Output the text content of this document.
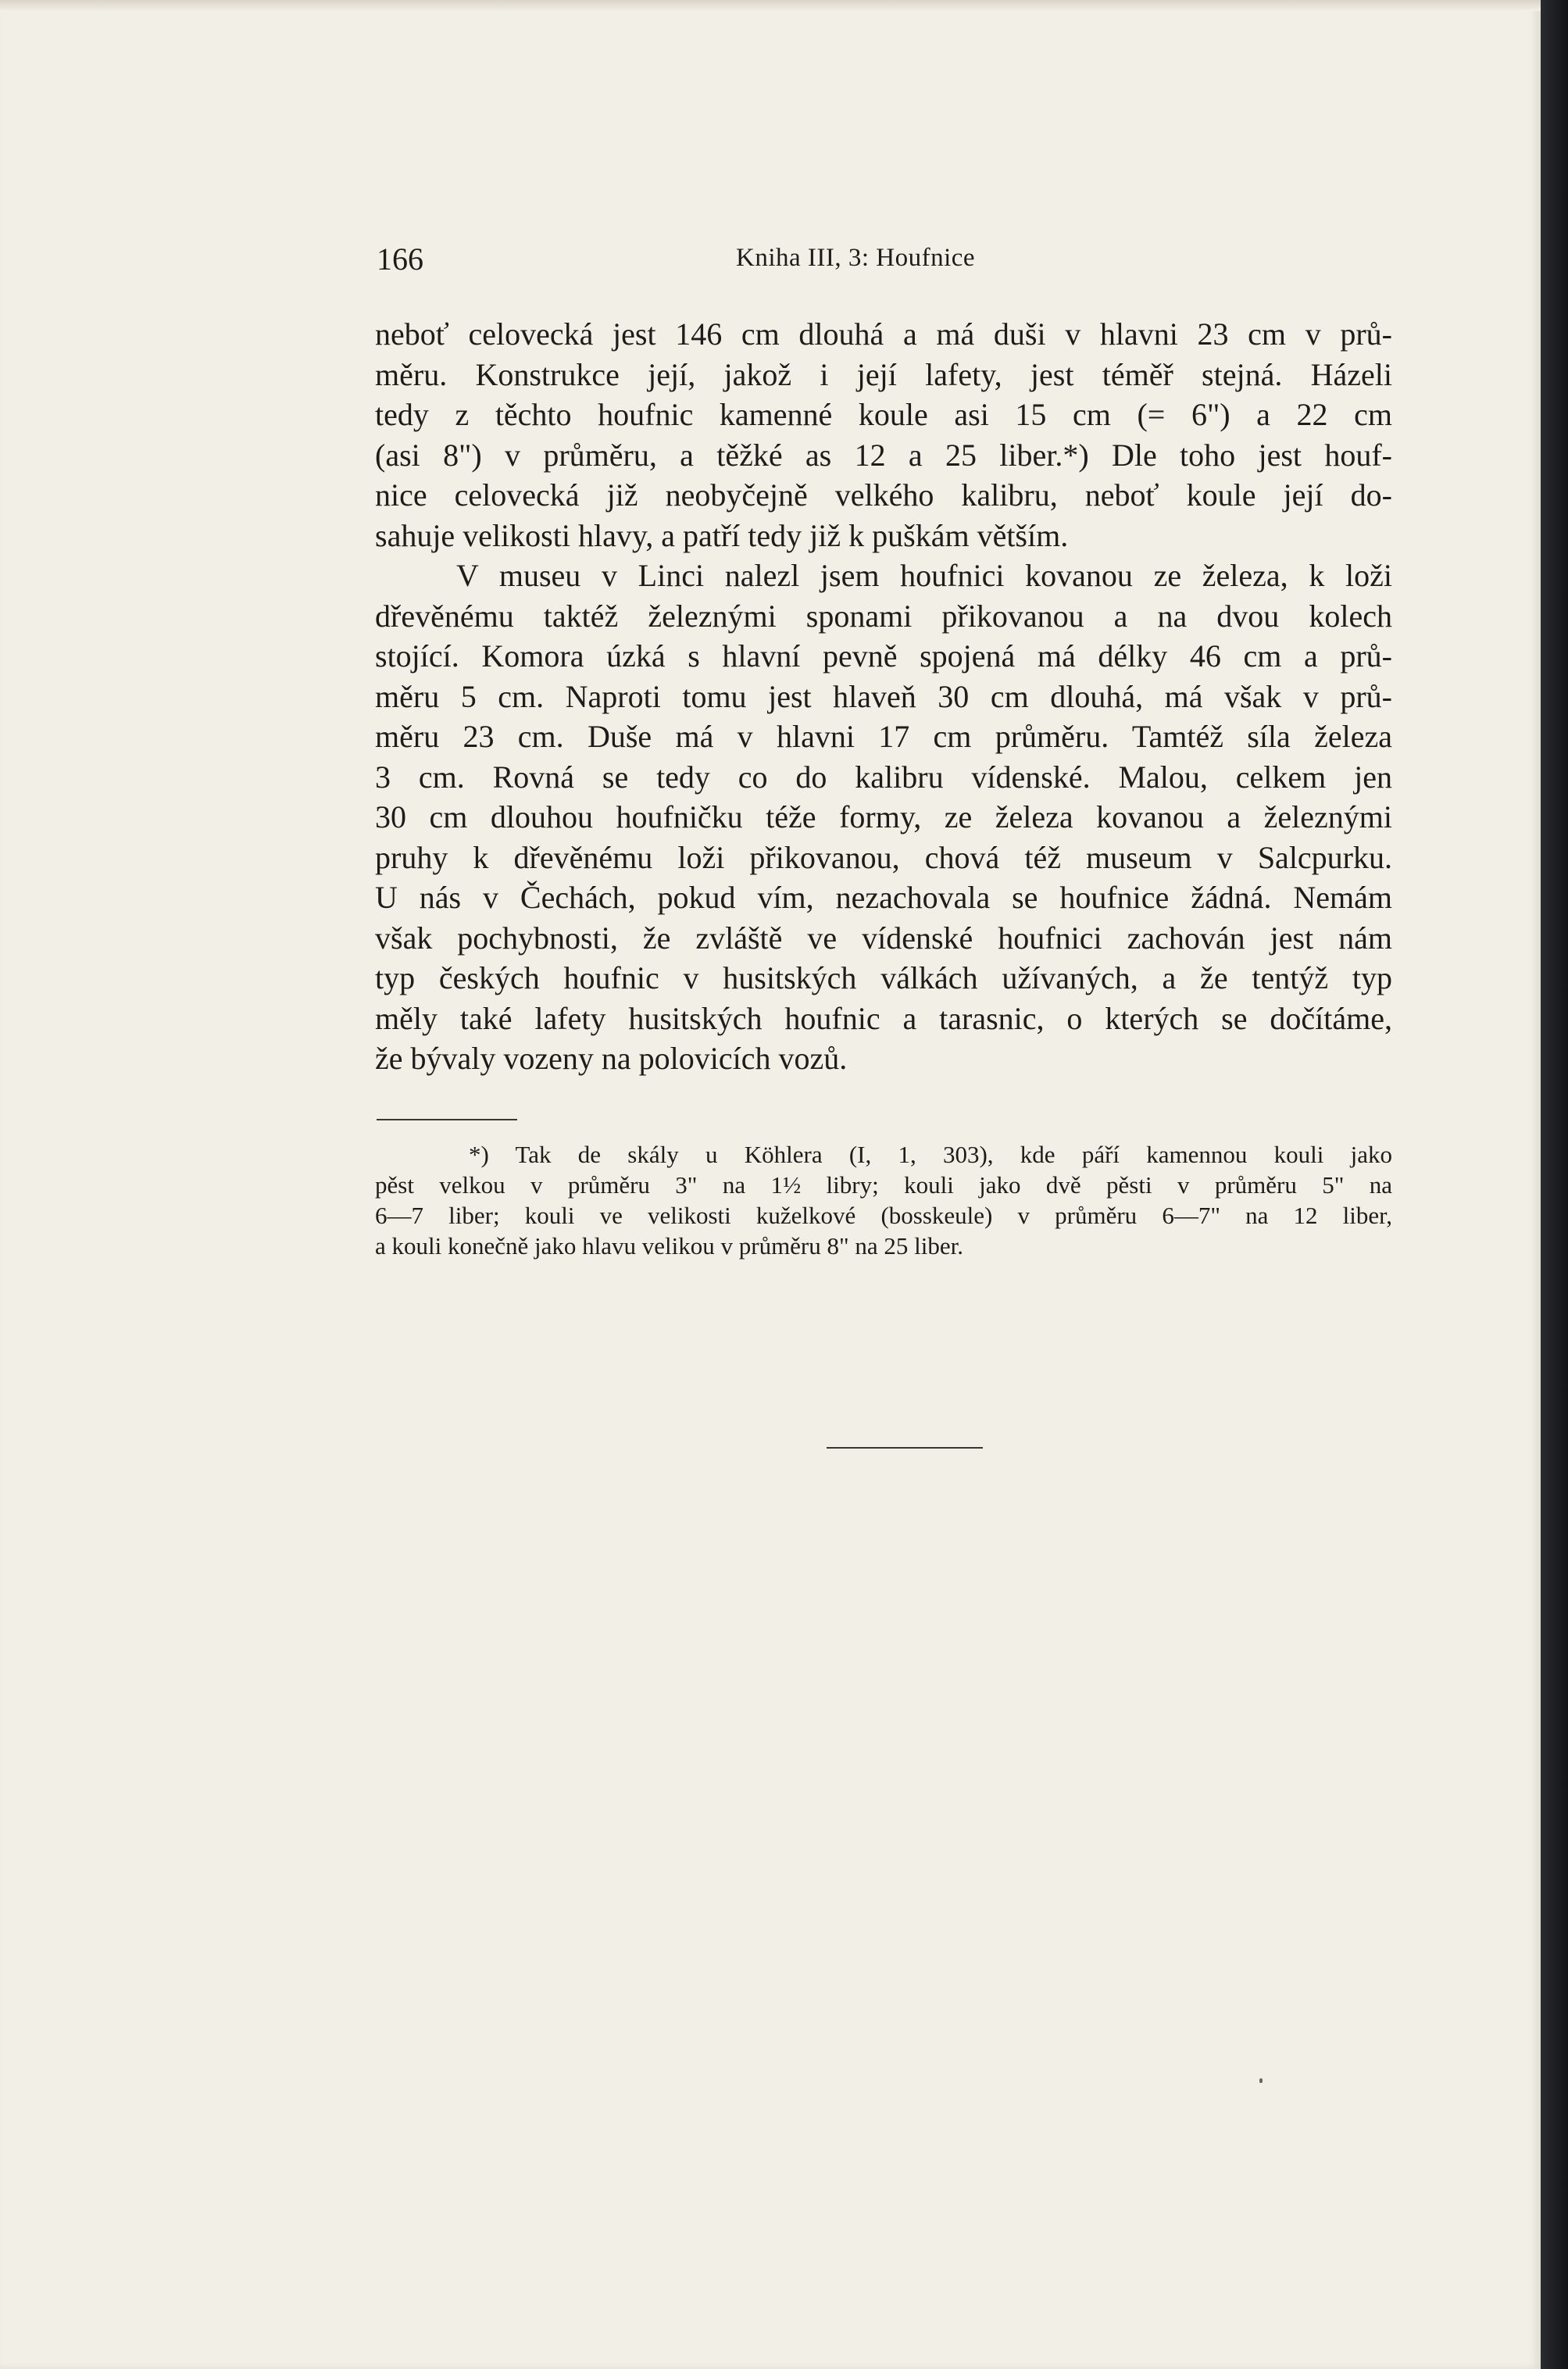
166	Kniha III, 3: Houfnice
neboť celovecká jest 146 cm dlouhá a má duši v hlavni 23 cm v prů-
měru. Konstrukce její, jakož i její lafety, jest téměř stejná. Házeli
tedy z těchto houfnic kamenné koule asi 15 cm (= 6") a 22 cm
(asi 8") v průměru, a těžké as 12 a 25 liber.*) Dle toho jest houf-
nice celovecká již neobyčejně velkého kalibru, neboť koule její do-
sahuje velikosti hlavy, a patří tedy již k puškám větším.
V museu v Linci nalezl jsem houfnici kovanou ze železa, k loži
dřevěnému taktéž železnými sponami přikovanou a na dvou kolech
stojící. Komora úzká s hlavní pevně spojená má délky 46 cm a prů-
měru 5 cm. Naproti tomu jest hlaveň 30 cm dlouhá, má však v prů-
měru 23 cm. Duše má v hlavni 17 cm průměru. Tamtéž síla železa
3 cm. Rovná se tedy co do kalibru vídenské. Malou, celkem jen
30 cm dlouhou houfničku téže formy, ze železa kovanou a železnými
pruhy k dřevěnému loži přikovanou, chová též museum v Salcpurku.
U nás v Čechách, pokud vím, nezachovala se houfnice žádná. Nemám
však pochybnosti, že zvláště ve vídenské houfnici zachován jest nám
typ českých houfnic v husitských válkách užívaných, a že tentýž typ
měly také lafety husitských houfnic a tarasnic, o kterých se dočítáme,
že bývaly vozeny na polovicích vozů.
*) Tak de skály u Köhlera (I, 1, 303), kde páří kamennou kouli jako
pěst velkou v průměru 3" na 1½ libry; kouli jako dvě pěsti v průměru 5" na
6—7 liber; kouli ve velikosti kuželkové (bosskeule) v průměru 6—7" na 12 liber,
a kouli konečně jako hlavu velikou v průměru 8" na 25 liber.
